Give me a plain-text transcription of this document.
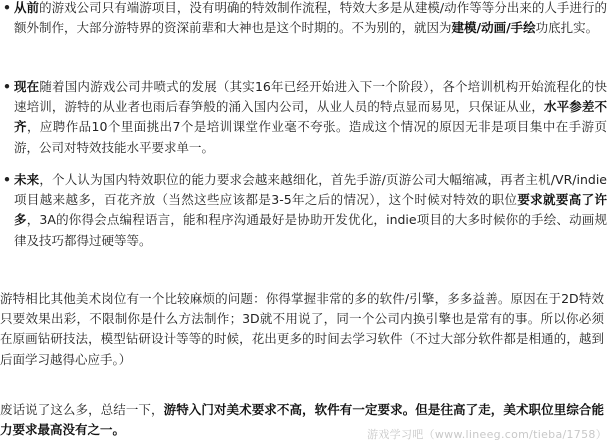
• 从前的游戏公司只有端游项目，没有明确的特效制作流程，特效大多是从建模/动作等等分出来的人手进行的额外制作，大部分游特界的资深前辈和大神也是这个时期的。不为别的，就因为建模/动画/手绘功底扎实。
• 现在随着国内游戏公司井喷式的发展（其实16年已经开始进入下一个阶段），各个培训机构开始流程化的快速培训，游特的从业者也雨后春笋般的涌入国内公司，从业人员的特点显而易见，只保证从业，水平参差不齐，应聘作品10个里面挑出7个是培训课堂作业毫不夸张。造成这个情况的原因无非是项目集中在手游页游，公司对特效技能水平要求单一。
• 未来，个人认为国内特效职位的能力要求会越来越细化，首先手游/页游公司大幅缩减，再者主机/VR/indie项目越来越多，百花齐放（当然这些应该都是3-5年之后的情况），这个时候对特效的职位要求就要高了许多，3A的你得会点编程语言，能和程序沟通最好是协助开发优化，indie项目的大多时候你的手绘、动画规律及技巧都得过硬等等。
游特相比其他美术岗位有一个比较麻烦的问题：你得掌握非常的多的软件/引擎，多多益善。原因在于2D特效只要效果出彩，不限制你是什么方法制作；3D就不用说了，同一个公司内换引擎也是常有的事。所以你必须在原画钻研技法，模型钻研设计等等的时候，花出更多的时间去学习软件（不过大部分软件都是相通的，越到后面学习越得心应手。）
废话说了这么多，总结一下，游特入门对美术要求不高，软件有一定要求。但是往高了走，美术职位里综合能力要求最高没有之一。	游戏学习吧（www.lineeg.com/tieba/1758）
